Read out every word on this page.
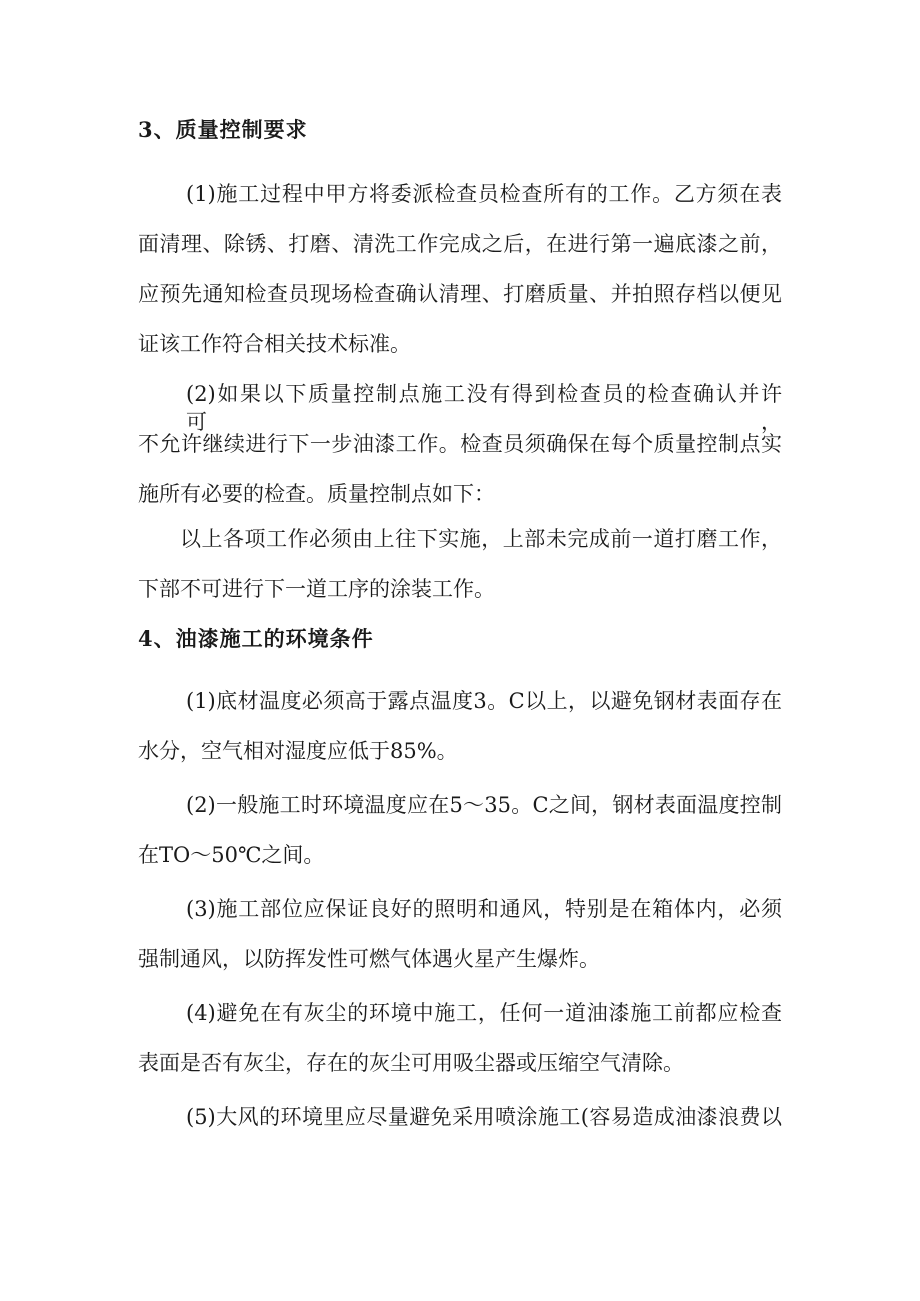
3、质量控制要求
(1)施工过程中甲方将委派检查员检查所有的工作。乙方须在表
面清理、除锈、打磨、清洗工作完成之后，在进行第一遍底漆之前，
应预先通知检查员现场检查确认清理、打磨质量、并拍照存档以便见
证该工作符合相关技术标准。
(2)如果以下质量控制点施工没有得到检查员的检查确认并许可，
不允许继续进行下一步油漆工作。检查员须确保在每个质量控制点实
施所有必要的检查。质量控制点如下：
以上各项工作必须由上往下实施，上部未完成前一道打磨工作，
下部不可进行下一道工序的涂装工作。
4、油漆施工的环境条件
(1)底材温度必须高于露点温度3。C以上，以避免钢材表面存在
水分，空气相对湿度应低于85%。
(2)一般施工时环境温度应在5〜35。C之间，钢材表面温度控制
在TO〜50℃之间。
(3)施工部位应保证良好的照明和通风，特别是在箱体内，必须
强制通风，以防挥发性可燃气体遇火星产生爆炸。
(4)避免在有灰尘的环境中施工，任何一道油漆施工前都应检查
表面是否有灰尘，存在的灰尘可用吸尘器或压缩空气清除。
(5)大风的环境里应尽量避免采用喷涂施工(容易造成油漆浪费以
